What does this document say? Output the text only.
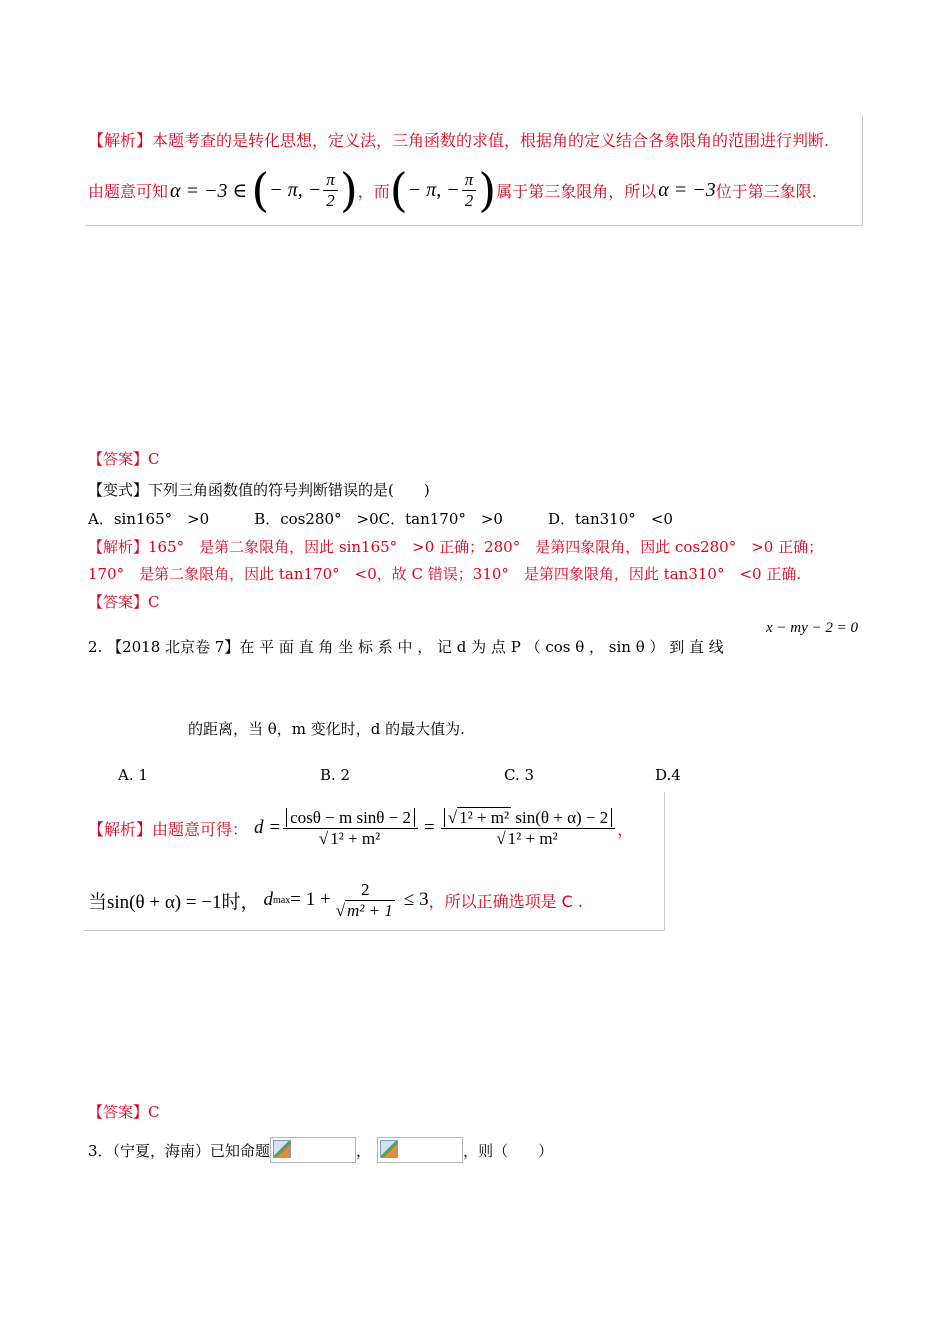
【解析】本题考查的是转化思想，定义法，三角函数的求值，根据角的定义结合各象限角的范围进行判断.
由题意可知 α = −3 ∈ ( − π, − $\frac{\pi}{2}$ ) ，而 ( − π, − $\frac{\pi}{2}$ ) 属于第三象限角，所以 α = −3 位于第三象限.
【答案】C
【变式】下列三角函数值的符号判断错误的是(　　)
A．sin165°　>0　　　B．cos280°　>0C．tan170°　>0　　　D．tan310°　<0
【解析】165°　是第二象限角，因此 sin165°　>0 正确；280°　是第四象限角，因此 cos280°　>0 正确；
170°　是第二象限角，因此 tan170°　<0，故 C 错误；310°　是第四象限角，因此 tan310°　<0 正确.
【答案】C
2. 【2018 北京卷 7】在 平 面 直 角 坐 标 系 中 ， 记 d 为 点 P （ cos θ ， sin θ ） 到 直 线
x − my − 2 = 0
的距离，当 θ，m 变化时，d 的最大值为.
A. 1	B. 2	C. 3	D.4
【解析】由题意可得： $d = \frac{\text{cosθ − m sinθ − 2}}{\text{√ 1² + m²}} = \frac{\text{√ 1² + m² sin(θ + α) − 2}}{\text{√ 1² + m²}}$ ，
当sin(θ + α) = −1时， d $\max = 1 + \frac{2}{\text{√ m² + 1}} \le 3$ ，所以正确选项是 C .
【答案】C
3．（宁夏，海南）已知命题	，	，则（　　）
